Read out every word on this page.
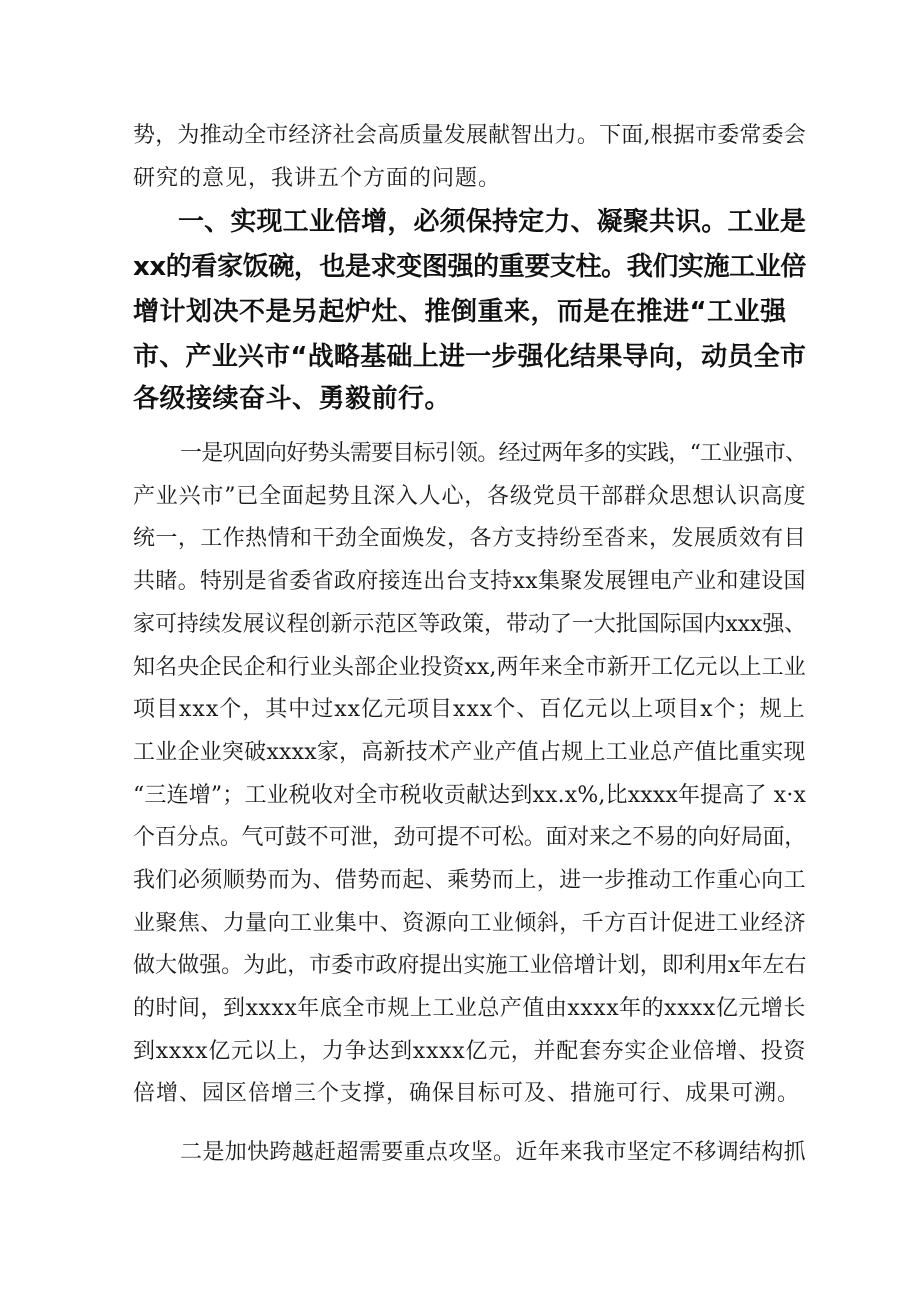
势，为推动全市经济社会高质量发展献智出力。下面,根据市委常委会
研究的意见，我讲五个方面的问题。
一、实现工业倍增，必须保持定力、凝聚共识。工业是
xx的看家饭碗，也是求变图强的重要支柱。我们实施工业倍
增计划决不是另起炉灶、推倒重来，而是在推进“工业强
市、产业兴市“战略基础上进一步强化结果导向，动员全市
各级接续奋斗、勇毅前行。
一是巩固向好势头需要目标引领。经过两年多的实践，“工业强市、
产业兴市”已全面起势且深入人心，各级党员干部群众思想认识高度
统一，工作热情和干劲全面焕发，各方支持纷至沓来，发展质效有目
共睹。特别是省委省政府接连出台支持xx集聚发展锂电产业和建设国
家可持续发展议程创新示范区等政策，带动了一大批国际国内xxx强、
知名央企民企和行业头部企业投资xx,两年来全市新开工亿元以上工业
项目xxx个，其中过xx亿元项目xxx个、百亿元以上项目x个；规上
工业企业突破xxxx家，高新技术产业产值占规上工业总产值比重实现
“三连增”；工业税收对全市税收贡献达到xx.x%,比xxxx年提高了 x·x
个百分点。气可鼓不可泄，劲可提不可松。面对来之不易的向好局面，
我们必须顺势而为、借势而起、乘势而上，进一步推动工作重心向工
业聚焦、力量向工业集中、资源向工业倾斜，千方百计促进工业经济
做大做强。为此，市委市政府提出实施工业倍增计划，即利用x年左右
的时间，到xxxx年底全市规上工业总产值由xxxx年的xxxx亿元增长
到xxxx亿元以上，力争达到xxxx亿元，并配套夯实企业倍增、投资
倍增、园区倍增三个支撑，确保目标可及、措施可行、成果可溯。
二是加快跨越赶超需要重点攻坚。近年来我市坚定不移调结构抓
